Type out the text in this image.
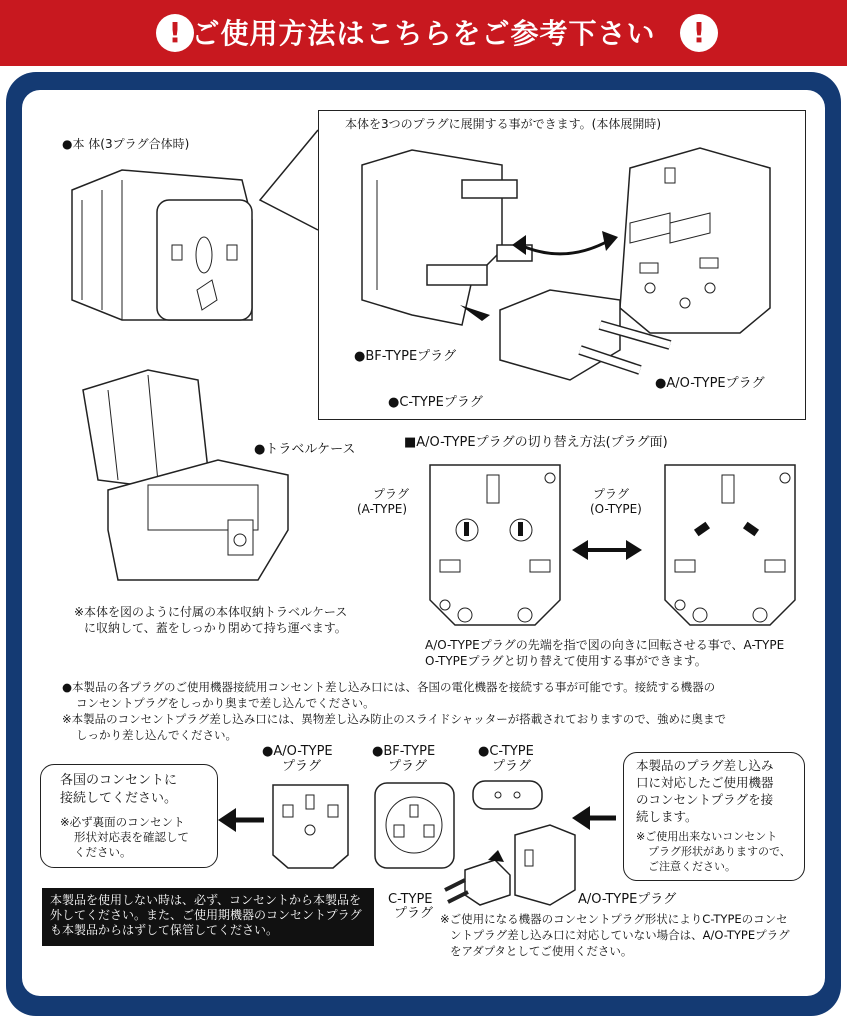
! ご使用方法はこちらをご参考下さい	!
●本 体(3プラグ合体時)
本体を3つのプラグに展開する事ができます。(本体展開時)
●BF-TYPEプラグ
●C-TYPEプラグ
●A/O-TYPEプラグ
●トラベルケース
※本体を図のように付属の本体収納トラベルケース
に収納して、蓋をしっかり閉めて持ち運べます。
■A/O-TYPEプラグの切り替え方法(プラグ面)
プラグ
(A-TYPE)
プラグ
(O-TYPE)
A/O-TYPEプラグの先端を指で図の向きに回転させる事で、A-TYPE
O-TYPEプラグと切り替えて使用する事ができます。
●本製品の各プラグのご使用機器接続用コンセント差し込み口には、各国の電化機器を接続する事が可能です。接続する機器の
コンセントプラグをしっかり奥まで差し込んでください。
※本製品のコンセントプラグ差し込み口には、異物差し込み防止のスライドシャッターが搭載されておりますので、強めに奥まで
しっかり差し込んでください。
●A/O-TYPE
プラグ
●BF-TYPE
プラグ
●C-TYPE
プラグ
各国のコンセントに
接続してください。
※必ず裏面のコンセント
形状対応表を確認して
ください。
本製品のプラグ差し込み
口に対応したご使用機器
のコンセントプラグを接
続します。
※ご使用出来ないコンセント
プラグ形状がありますので、
ご注意ください。
C-TYPE
プラグ
A/O-TYPEプラグ
※ご使用になる機器のコンセントプラグ形状によりC-TYPEのコンセ
ントプラグ差し込み口に対応していない場合は、A/O-TYPEプラグ
をアダプタとしてご使用ください。
本製品を使用しない時は、必ず、コンセントから本製品を
外してください。また、ご使用期機器のコンセントプラグ
も本製品からはずして保管してください。
